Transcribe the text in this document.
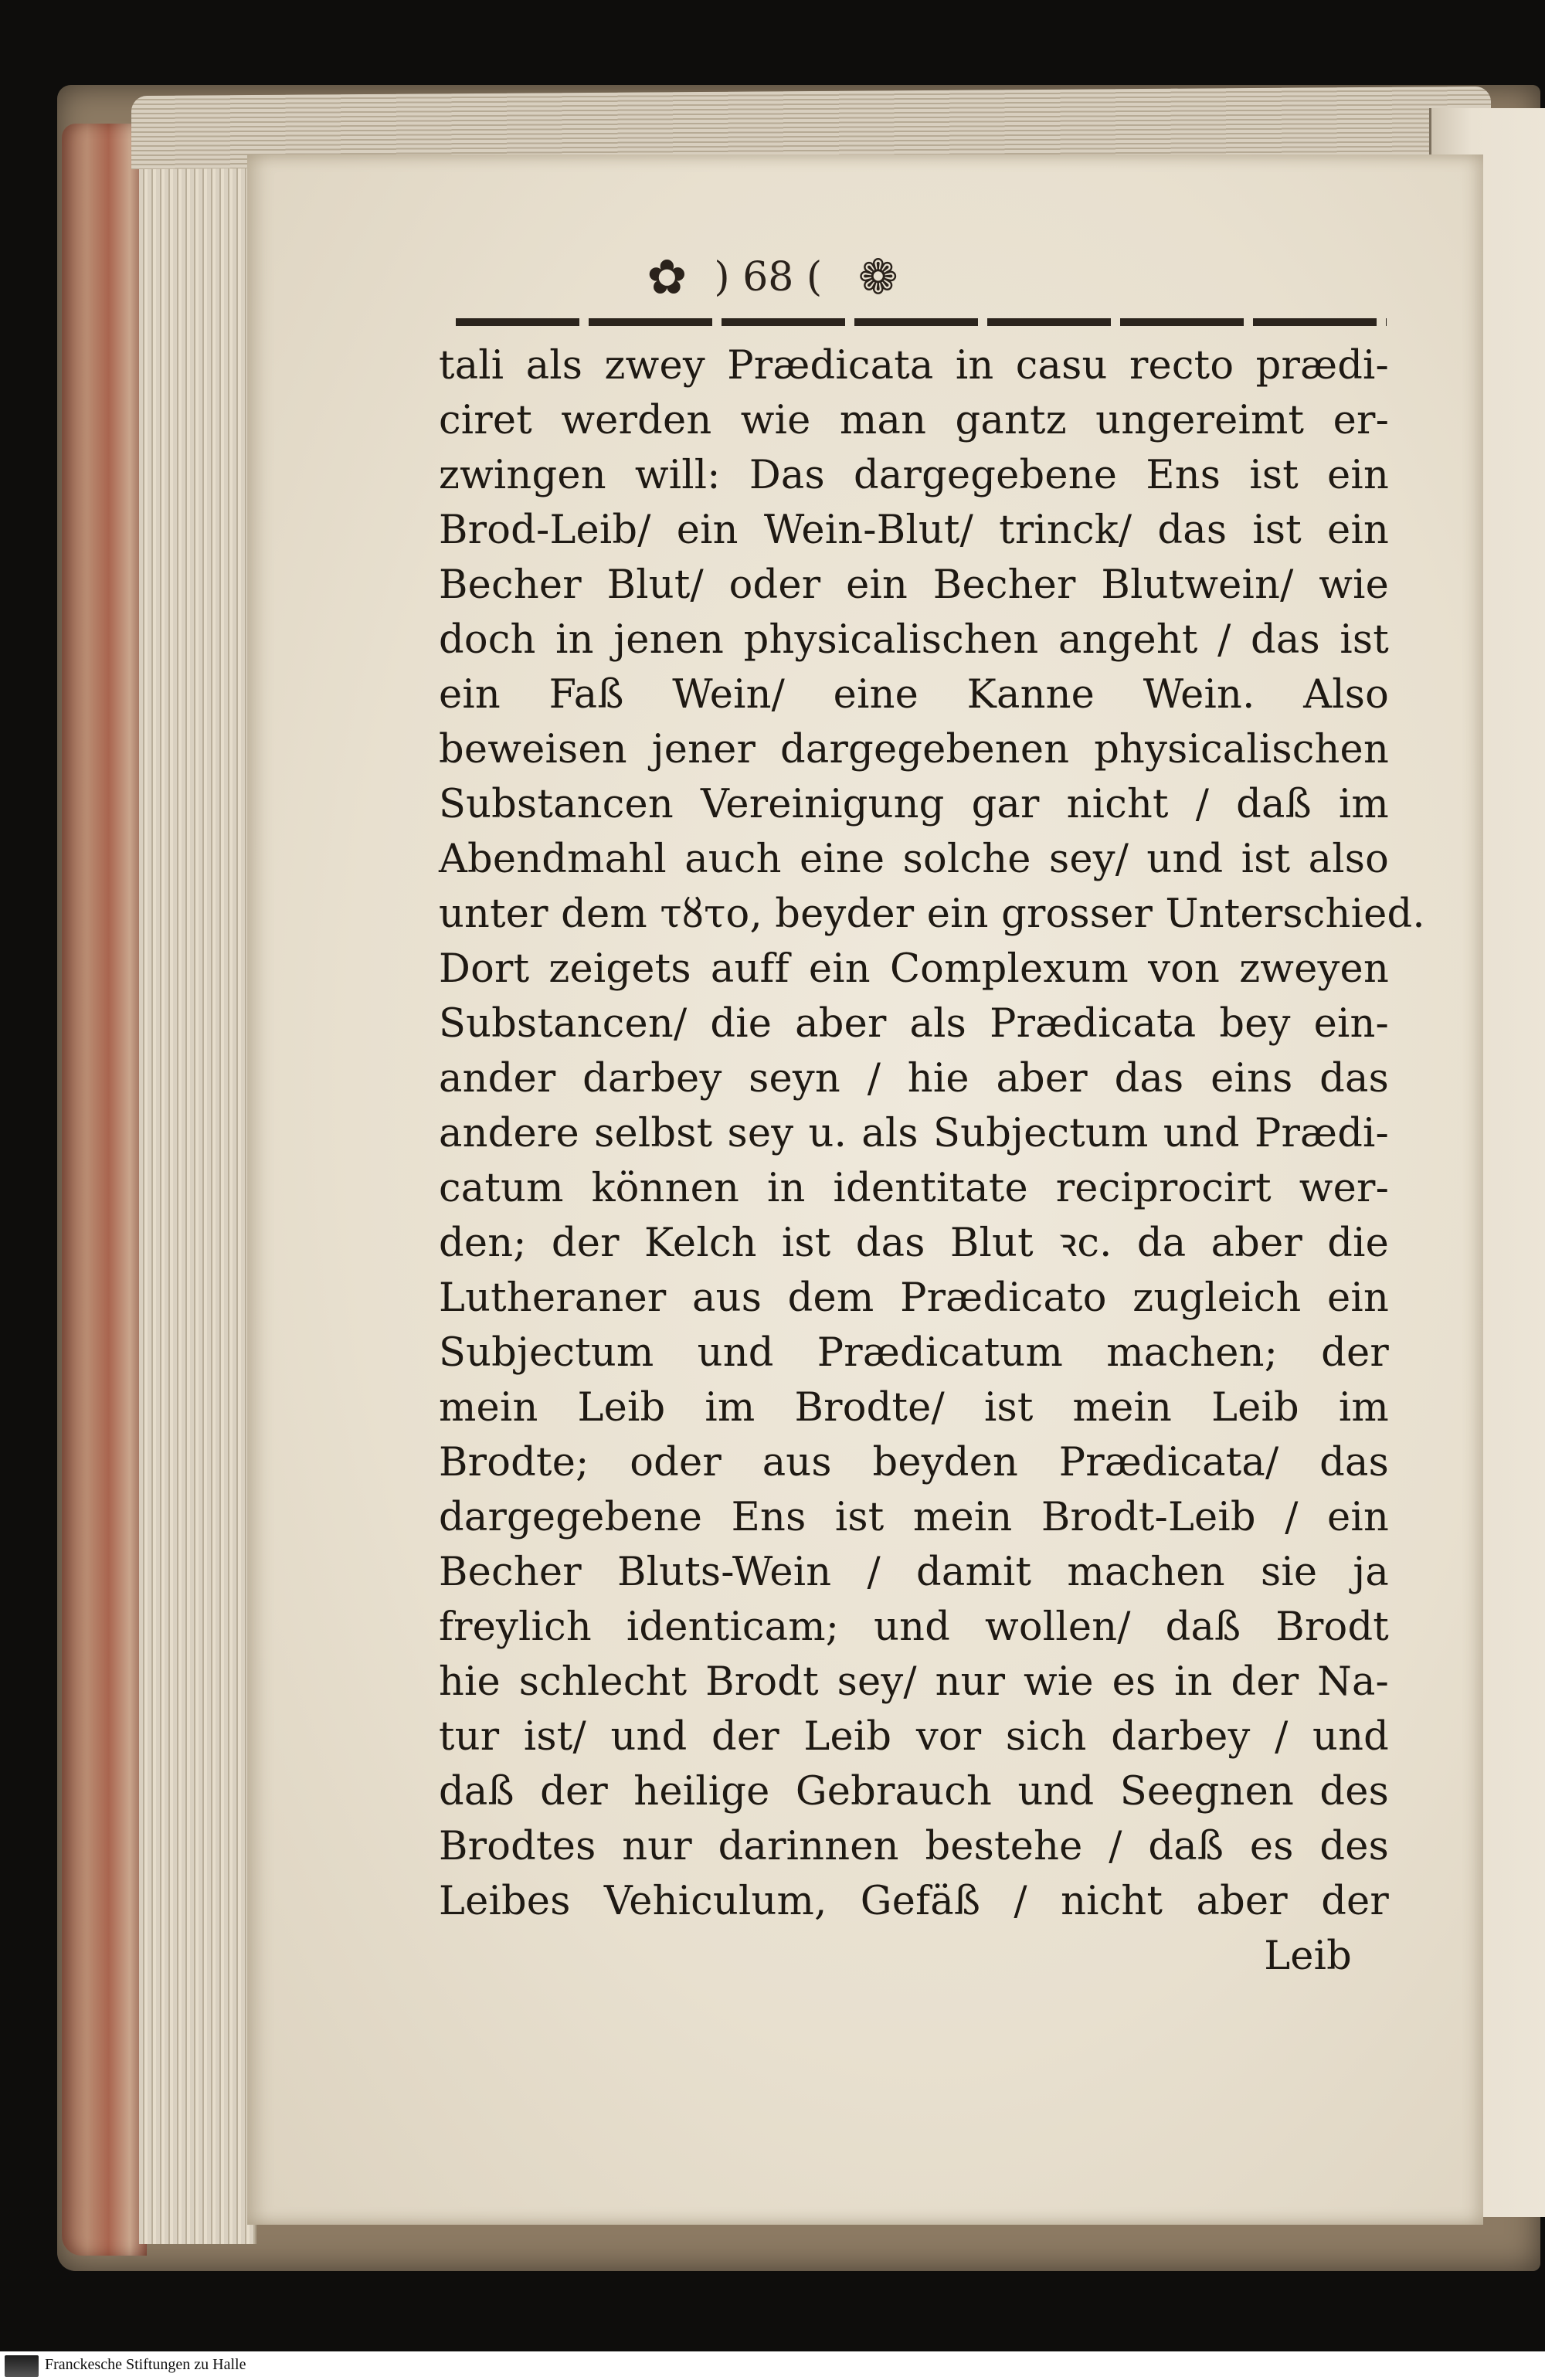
✿ ) 68 ( ❁
tali als zwey Prædicata in casu recto prædi-
ciret werden wie man gantz ungereimt er-
zwingen will: Das dargegebene Ens ist ein
Brod-Leib/ ein Wein-Blut/ trinck/ das ist ein
Becher Blut/ oder ein Becher Blutwein/ wie
doch in jenen physicalischen angeht / das ist
ein Faß Wein/ eine Kanne Wein. Also
beweisen jener dargegebenen physicalischen
Substancen Vereinigung gar nicht / daß im
Abendmahl auch eine solche sey/ und ist also
unter dem τȣτο, beyder ein grosser Unterschied.
Dort zeigets auff ein Complexum von zweyen
Substancen/ die aber als Prædicata bey ein-
ander darbey seyn / hie aber das eins das
andere selbst sey u. als Subjectum und Prædi-
catum können in identitate reciprocirt wer-
den; der Kelch ist das Blut ꝛc. da aber die
Lutheraner aus dem Prædicato zugleich ein
Subjectum und Prædicatum machen; der
mein Leib im Brodte/ ist mein Leib im
Brodte; oder aus beyden Prædicata/ das
dargegebene Ens ist mein Brodt-Leib / ein
Becher Bluts-Wein / damit machen sie ja
freylich identicam; und wollen/ daß Brodt
hie schlecht Brodt sey/ nur wie es in der Na-
tur ist/ und der Leib vor sich darbey / und
daß der heilige Gebrauch und Seegnen des
Brodtes nur darinnen bestehe / daß es des
Leibes Vehiculum, Gefäß / nicht aber der
Leib
Franckesche Stiftungen zu Halle
